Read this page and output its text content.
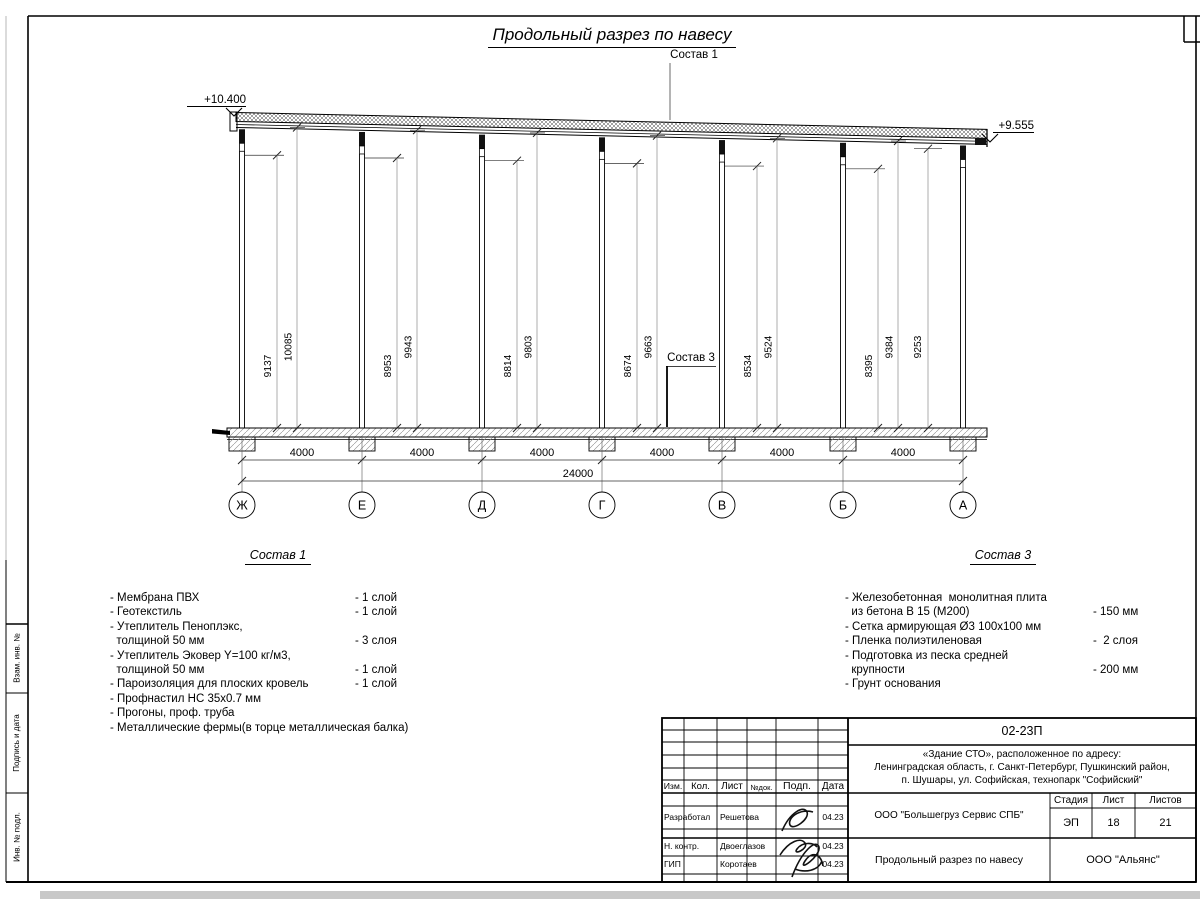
Ж
4000
Е
4000
Д
4000
Г
4000
В
4000
Б
4000
А
24000
9137
10085
8953
9943
8814
9803
8674
9663
8534
9524
8395
9384 9253
+10.400
+9.555
Состав 1
Состав 3
Продольный разрез по навесу
Состав 1
- Мембрана ПВХ	- 1 слой
- Геотекстиль	- 1 слой
- Утеплитель Пеноплэкс,
толщиной 50 мм	- 3 слоя
- Утеплитель Эковер Y=100 кг/м3,
толщиной 50 мм	- 1 слой
- Пароизоляция для плоских кровель	- 1 слой
- Профнастил НС 35x0.7 мм
- Прогоны, проф. труба
- Металлические фермы(в торце металлическая балка)
Состав 3
- Железобетонная  монолитная плита
из бетона В 15 (М200)	- 150 мм
- Сетка армирующая Ø3 100x100 мм
- Пленка полиэтиленовая	-  2 слоя
- Подготовка из песка средней
крупности	- 200 мм
- Грунт основания
Взам. инв. №
Подпись и дата
Инв. № подл.
02-23П
«Здание СТО», расположенное по адресу:
Ленинградская область, г. Санкт-Петербург, Пушкинский район,
п. Шушары, ул. Софийская, технопарк "Софийский"
Изм. Кол.	Лист	№док.	Подп.	Дата
Разработал	Решетова	04.23
Н. контр.	Двоеглазов	04.23
ГИП	Коротаев	04.23
ООО "Большегруз Сервис СПБ"
Продольный разрез по навесу	ООО "Альянс"
Стадия	Лист	Листов
ЭП	18	21
